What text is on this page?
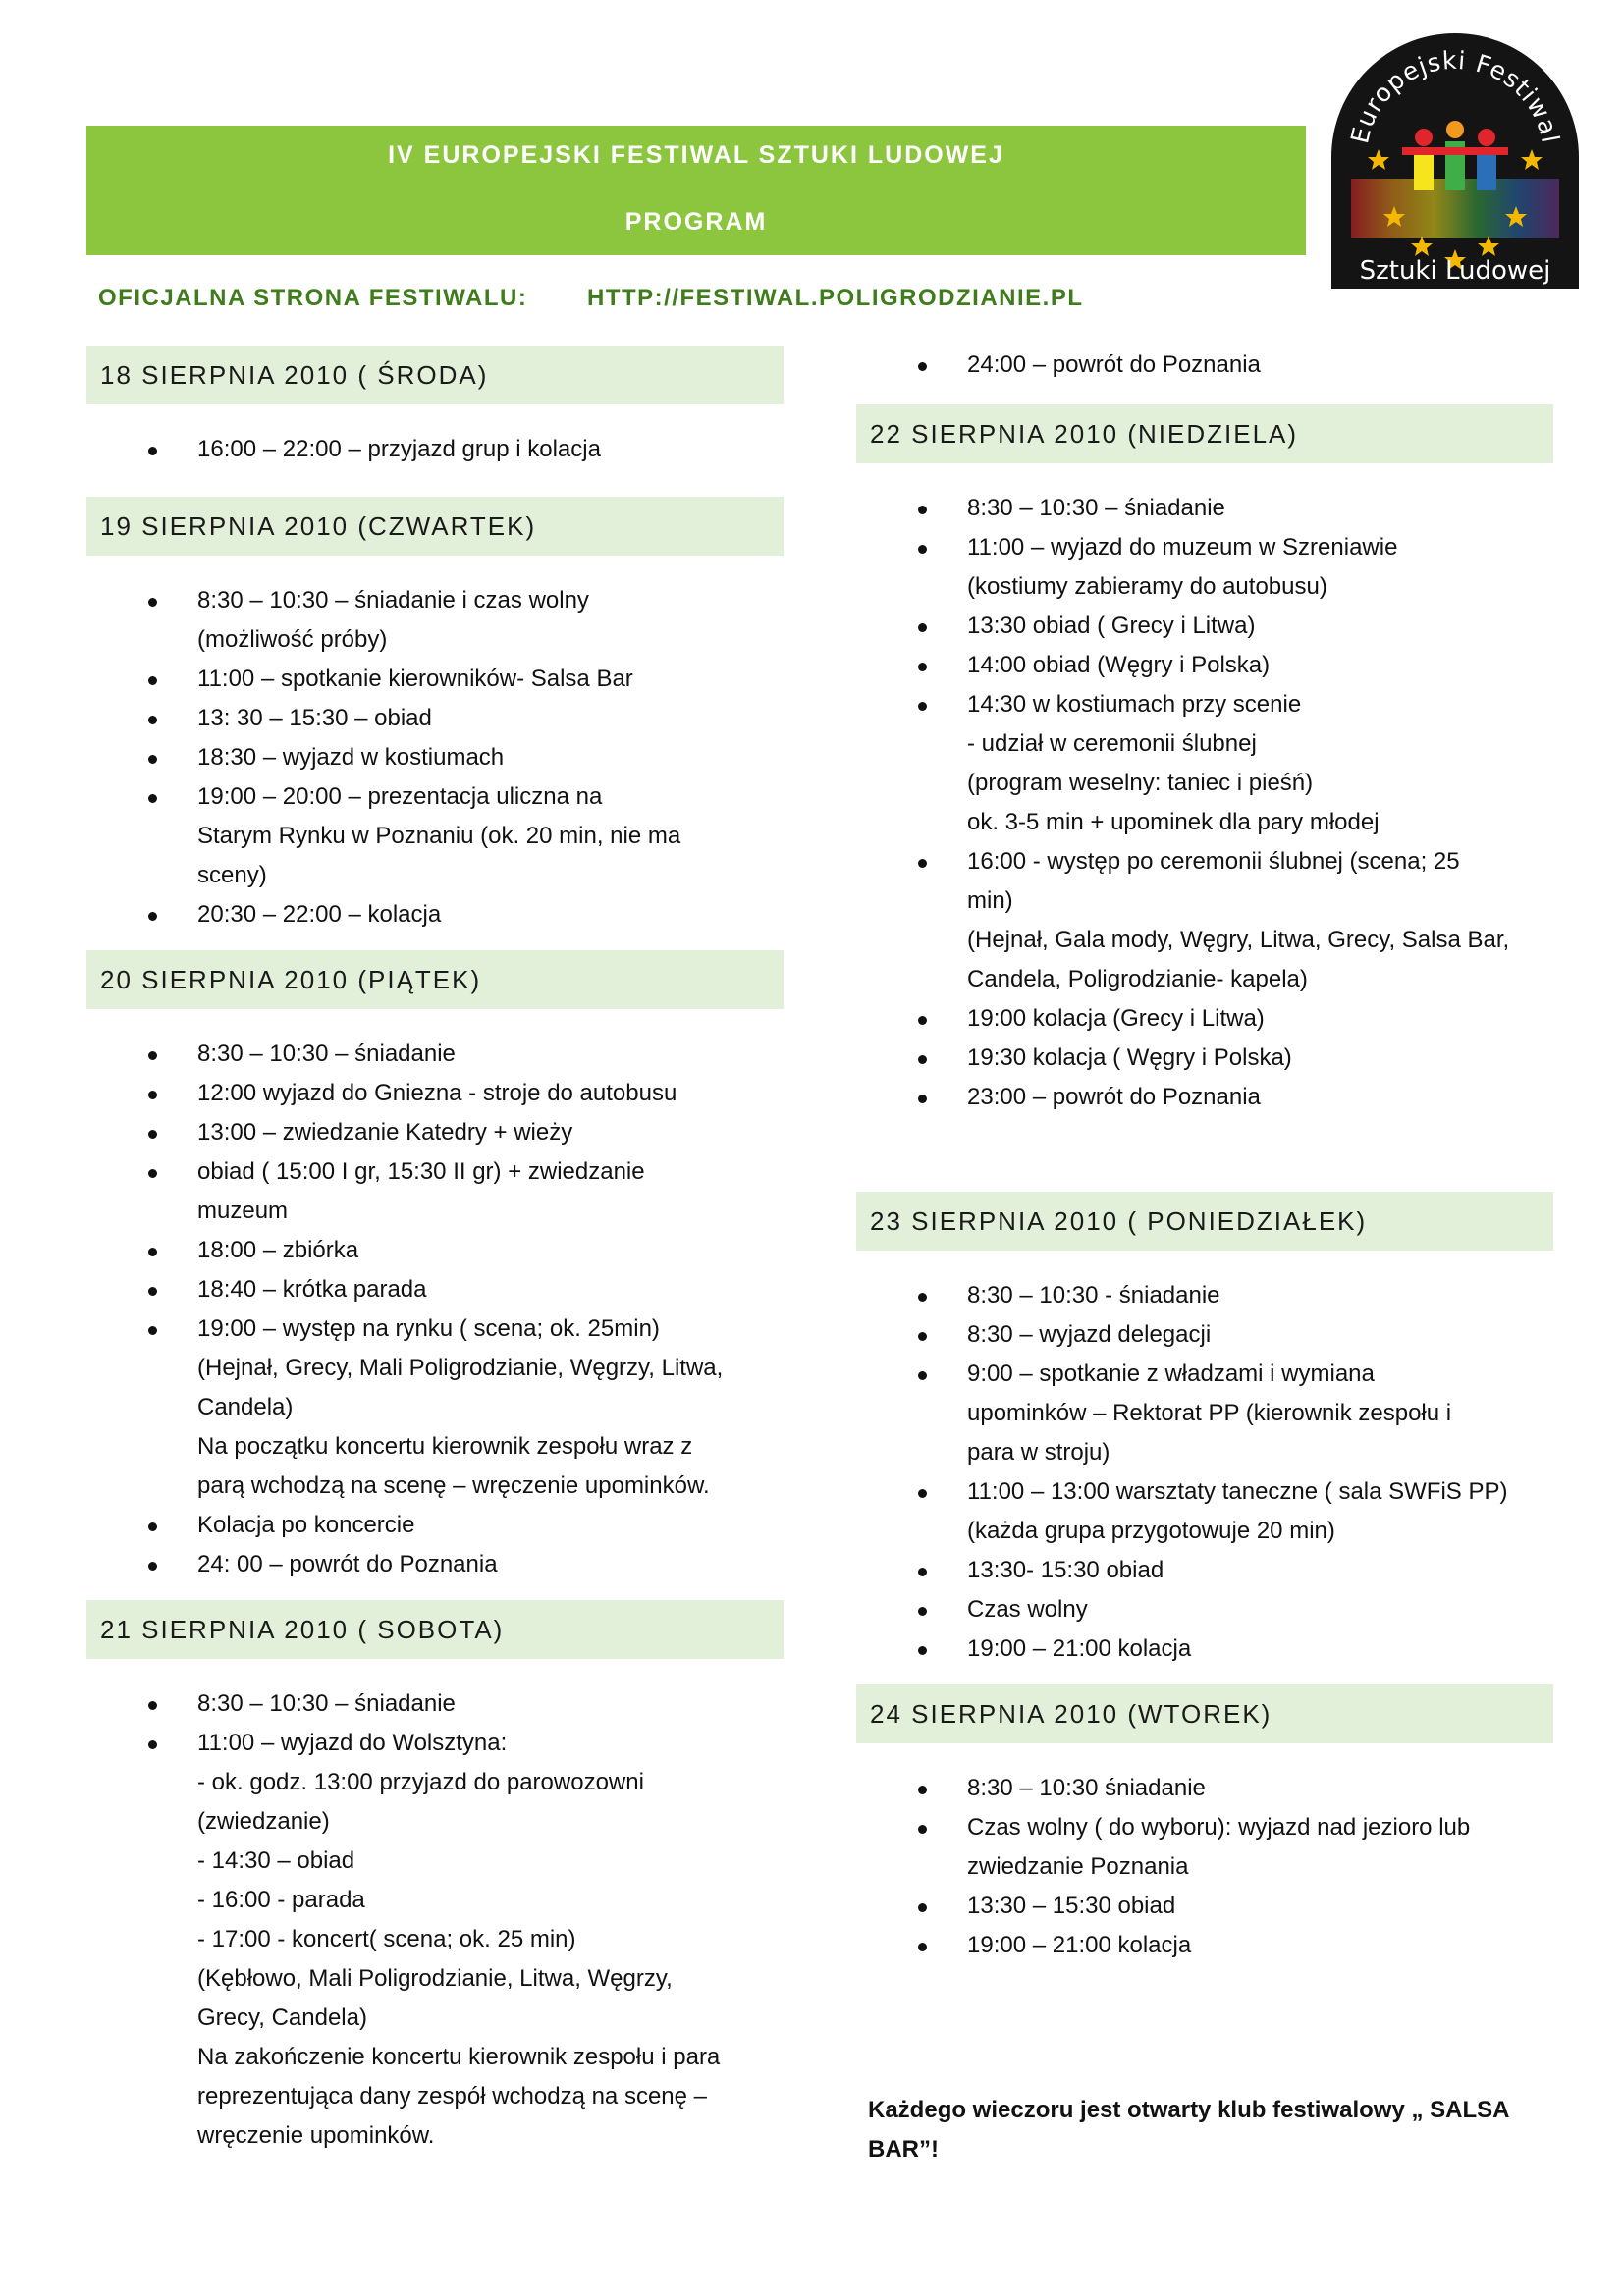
IV EUROPEJSKI FESTIWAL SZTUKI LUDOWEJ
PROGRAM
OFICJALNA STRONA FESTIWALU:	HTTP://FESTIWAL.POLIGRODZIANIE.PL
Europejski Festiwal
Sztuki Ludowej
18 SIERPNIA 2010 ( ŚRODA)
16:00 – 22:00 – przyjazd grup i kolacja
19 SIERPNIA 2010 (CZWARTEK)
8:30 – 10:30 – śniadanie i czas wolny
(możliwość próby)
11:00 – spotkanie kierowników- Salsa Bar
13: 30 – 15:30 – obiad
18:30 – wyjazd w kostiumach
19:00 – 20:00 – prezentacja uliczna na
Starym Rynku w Poznaniu (ok. 20 min, nie ma
sceny)
20:30 – 22:00 – kolacja
20 SIERPNIA 2010 (PIĄTEK)
8:30 – 10:30 – śniadanie
12:00 wyjazd do Gniezna - stroje do autobusu
13:00 – zwiedzanie Katedry + wieży
obiad ( 15:00 I gr, 15:30 II gr) + zwiedzanie
muzeum
18:00 – zbiórka
18:40 – krótka parada
19:00 – występ na rynku ( scena; ok. 25min)
(Hejnał, Grecy, Mali Poligrodzianie, Węgrzy, Litwa,
Candela)
Na początku koncertu kierownik zespołu wraz z
parą wchodzą na scenę – wręczenie upominków.
Kolacja po koncercie
24: 00 – powrót do Poznania
21 SIERPNIA 2010 ( SOBOTA)
8:30 – 10:30 – śniadanie
11:00 – wyjazd do Wolsztyna:
- ok. godz. 13:00 przyjazd do parowozowni
(zwiedzanie)
- 14:30 – obiad
- 16:00 - parada
- 17:00 - koncert( scena; ok. 25 min)
(Kębłowo, Mali Poligrodzianie, Litwa, Węgrzy,
Grecy, Candela)
Na zakończenie koncertu kierownik zespołu i para
reprezentująca dany zespół wchodzą na scenę –
wręczenie upominków.
24:00 – powrót do Poznania
22 SIERPNIA 2010 (NIEDZIELA)
8:30 – 10:30 – śniadanie
11:00 – wyjazd do muzeum w Szreniawie
(kostiumy zabieramy do autobusu)
13:30 obiad ( Grecy i Litwa)
14:00 obiad (Węgry i Polska)
14:30 w kostiumach przy scenie
- udział w ceremonii ślubnej
(program weselny: taniec i pieśń)
ok. 3-5 min + upominek dla pary młodej
16:00 - występ po ceremonii ślubnej (scena; 25
min)
(Hejnał, Gala mody, Węgry, Litwa, Grecy, Salsa Bar,
Candela, Poligrodzianie- kapela)
19:00 kolacja (Grecy i Litwa)
19:30 kolacja ( Węgry i Polska)
23:00 – powrót do Poznania
23 SIERPNIA 2010 ( PONIEDZIAŁEK)
8:30 – 10:30 - śniadanie
8:30 – wyjazd delegacji
9:00 – spotkanie z władzami i wymiana
upominków – Rektorat PP (kierownik zespołu i
para w stroju)
11:00 – 13:00 warsztaty taneczne ( sala SWFiS PP)
(każda grupa przygotowuje 20 min)
13:30- 15:30 obiad
Czas wolny
19:00 – 21:00 kolacja
24 SIERPNIA 2010 (WTOREK)
8:30 – 10:30 śniadanie
Czas wolny ( do wyboru): wyjazd nad jezioro lub
zwiedzanie Poznania
13:30 – 15:30 obiad
19:00 – 21:00 kolacja
Każdego wieczoru jest otwarty klub festiwalowy „ SALSA
BAR”!
